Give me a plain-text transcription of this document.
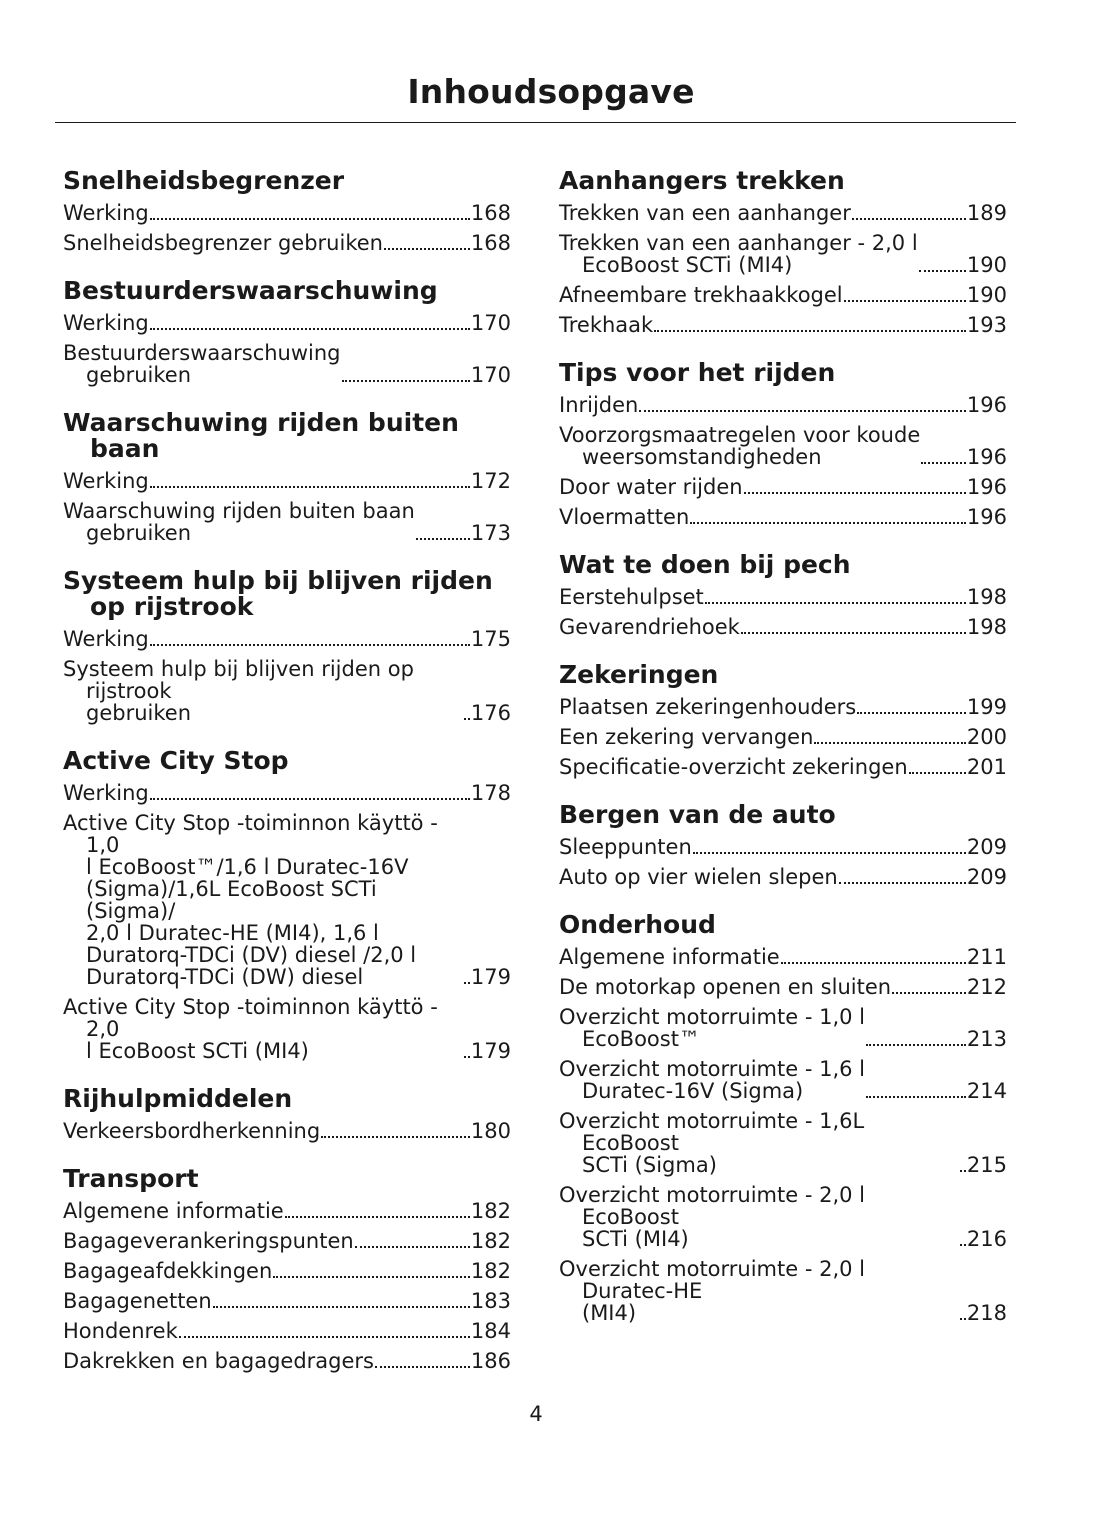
Inhoudsopgave
Snelheidsbegrenzer
Werking	168
Snelheidsbegrenzer gebruiken	168
Bestuurderswaarschuwing
Werking	170
Bestuurderswaarschuwing
gebruiken	170
Waarschuwing rijden buiten baan
Werking	172
Waarschuwing rijden buiten baan
gebruiken	173
Systeem hulp bij blijven rijden op rijstrook
Werking	175
Systeem hulp bij blijven rijden op rijstrook
gebruiken	176
Active City Stop
Werking	178
Active City Stop -toiminnon käyttö - 1,0
l EcoBoost™/1,6 l Duratec-16V
(Sigma)/1,6L EcoBoost SCTi (Sigma)/
2,0 l Duratec-HE (MI4), 1,6 l
Duratorq-TDCi (DV) diesel /2,0 l
Duratorq-TDCi (DW) diesel	179
Active City Stop -toiminnon käyttö - 2,0
l EcoBoost SCTi (MI4)	179
Rijhulpmiddelen
Verkeersbordherkenning	180
Transport
Algemene informatie	182
Bagageverankeringspunten	182
Bagageafdekkingen	182
Bagagenetten	183
Hondenrek	184
Dakrekken en bagagedragers	186
Aanhangers trekken
Trekken van een aanhanger	189
Trekken van een aanhanger - 2,0 l
EcoBoost SCTi (MI4)	190
Afneembare trekhaakkogel	190
Trekhaak	193
Tips voor het rijden
Inrijden	196
Voorzorgsmaatregelen voor koude
weersomstandigheden	196
Door water rijden	196
Vloermatten	196
Wat te doen bij pech
Eerstehulpset	198
Gevarendriehoek	198
Zekeringen
Plaatsen zekeringenhouders	199
Een zekering vervangen	200
Specificatie-overzicht zekeringen	201
Bergen van de auto
Sleeppunten	209
Auto op vier wielen slepen	209
Onderhoud
Algemene informatie	211
De motorkap openen en sluiten	212
Overzicht motorruimte - 1,0 l
EcoBoost™	213
Overzicht motorruimte - 1,6 l
Duratec-16V (Sigma)	214
Overzicht motorruimte - 1,6L EcoBoost
SCTi (Sigma)	215
Overzicht motorruimte - 2,0 l EcoBoost
SCTi (MI4)	216
Overzicht motorruimte - 2,0 l Duratec-HE
(MI4)	218
4
